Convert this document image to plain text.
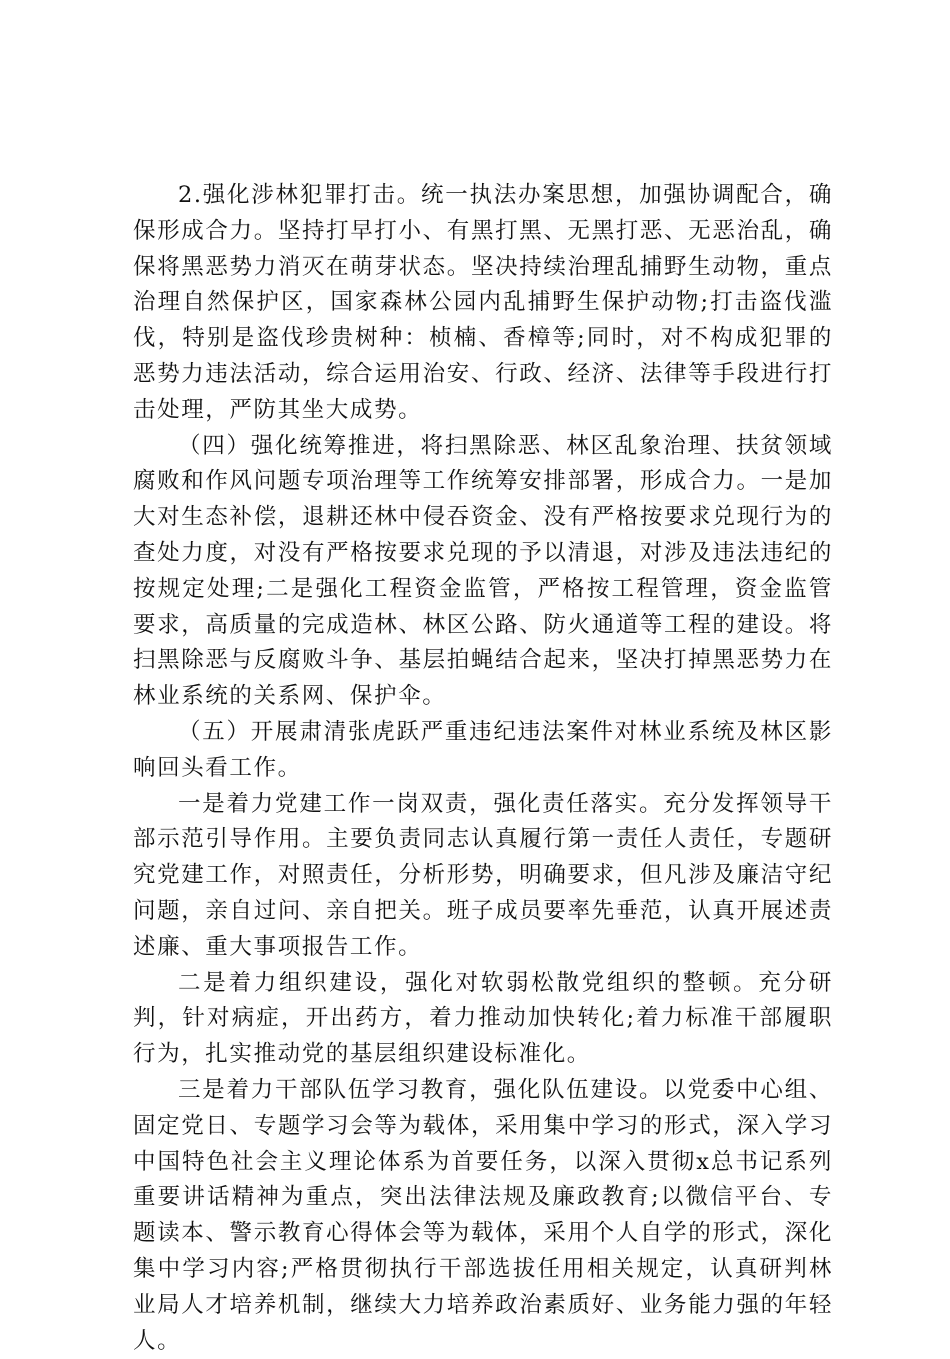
2.强化涉林犯罪打击。统一执法办案思想，加强协调配合，确保形成合力。坚持打早打小、有黑打黑、无黑打恶、无恶治乱，确保将黑恶势力消灭在萌芽状态。坚决持续治理乱捕野生动物，重点治理自然保护区，国家森林公园内乱捕野生保护动物;打击盗伐滥伐，特别是盗伐珍贵树种：桢楠、香樟等;同时，对不构成犯罪的恶势力违法活动，综合运用治安、行政、经济、法律等手段进行打击处理，严防其坐大成势。

（四）强化统筹推进，将扫黑除恶、林区乱象治理、扶贫领域腐败和作风问题专项治理等工作统筹安排部署，形成合力。一是加大对生态补偿，退耕还林中侵吞资金、没有严格按要求兑现行为的查处力度，对没有严格按要求兑现的予以清退，对涉及违法违纪的按规定处理;二是强化工程资金监管，严格按工程管理，资金监管要求，高质量的完成造林、林区公路、防火通道等工程的建设。将扫黑除恶与反腐败斗争、基层拍蝇结合起来，坚决打掉黑恶势力在林业系统的关系网、保护伞。

（五）开展肃清张虎跃严重违纪违法案件对林业系统及林区影响回头看工作。

一是着力党建工作一岗双责，强化责任落实。充分发挥领导干部示范引导作用。主要负责同志认真履行第一责任人责任，专题研究党建工作，对照责任，分析形势，明确要求，但凡涉及廉洁守纪问题，亲自过问、亲自把关。班子成员要率先垂范，认真开展述责述廉、重大事项报告工作。

二是着力组织建设，强化对软弱松散党组织的整顿。充分研判，针对病症，开出药方，着力推动加快转化;着力标准干部履职行为，扎实推动党的基层组织建设标准化。

三是着力干部队伍学习教育，强化队伍建设。以党委中心组、固定党日、专题学习会等为载体，采用集中学习的形式，深入学习中国特色社会主义理论体系为首要任务，以深入贯彻x总书记系列重要讲话精神为重点，突出法律法规及廉政教育;以微信平台、专题读本、警示教育心得体会等为载体，采用个人自学的形式，深化集中学习内容;严格贯彻执行干部选拔任用相关规定，认真研判林业局人才培养机制，继续大力培养政治素质好、业务能力强的年轻人。
